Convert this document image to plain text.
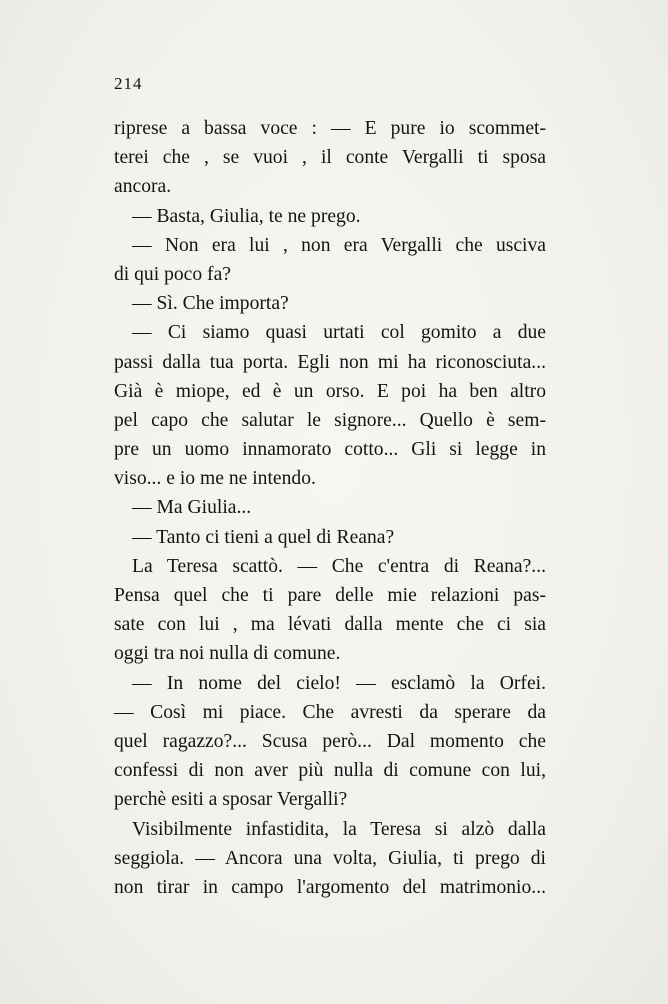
214
riprese a bassa voce : — E pure io scommet-
terei che , se vuoi , il conte Vergalli ti sposa
ancora.
— Basta, Giulia, te ne prego.
— Non era lui , non era Vergalli che usciva
di qui poco fa?
— Sì. Che importa?
— Ci siamo quasi urtati col gomito a due
passi dalla tua porta. Egli non mi ha riconosciuta...
Già è miope, ed è un orso. E poi ha ben altro
pel capo che salutar le signore... Quello è sem-
pre un uomo innamorato cotto... Gli si legge in
viso... e io me ne intendo.
— Ma Giulia...
— Tanto ci tieni a quel di Reana?
La Teresa scattò. — Che c'entra di Reana?...
Pensa quel che ti pare delle mie relazioni pas-
sate con lui , ma lévati dalla mente che ci sia
oggi tra noi nulla di comune.
— In nome del cielo! — esclamò la Orfei.
— Così mi piace. Che avresti da sperare da
quel ragazzo?... Scusa però... Dal momento che
confessi di non aver più nulla di comune con lui,
perchè esiti a sposar Vergalli?
Visibilmente infastidita, la Teresa si alzò dalla
seggiola. — Ancora una volta, Giulia, ti prego di
non tirar in campo l'argomento del matrimonio...
